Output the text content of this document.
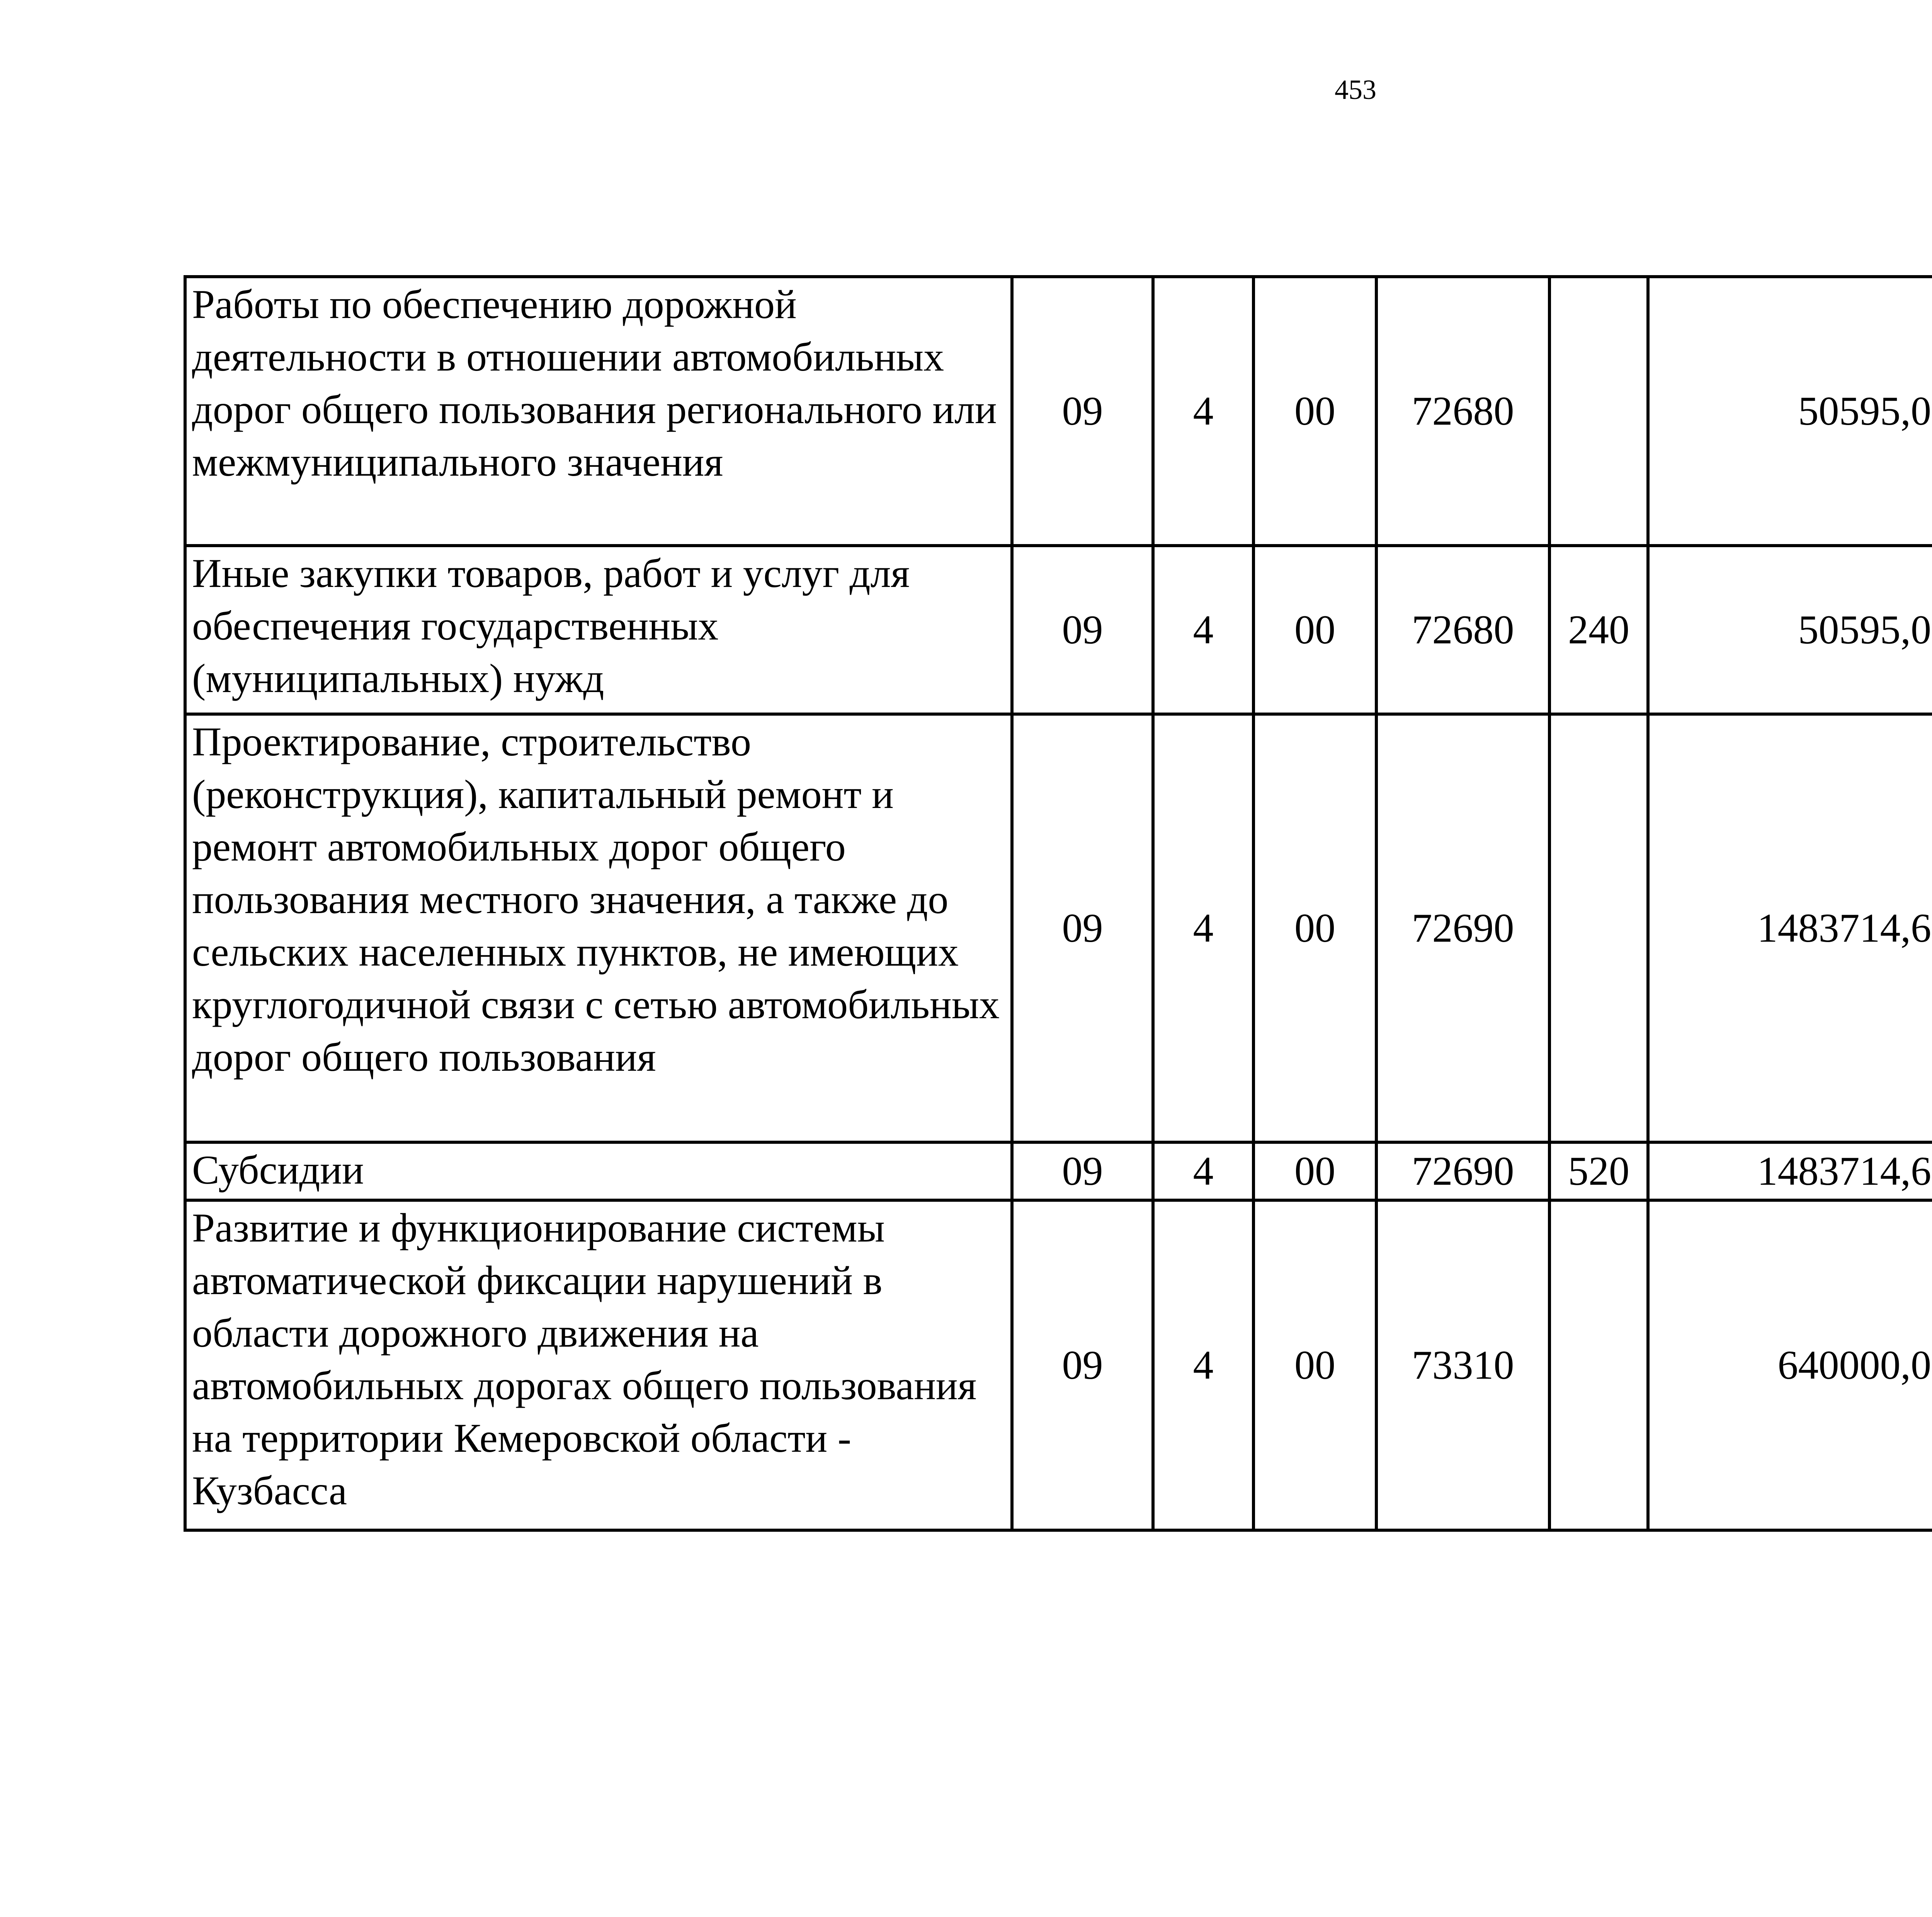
453
Работы по обеспечению дорожной деятельности в отношении автомобильных дорог общего пользования регионального или межмуниципального значения	09	4	00	72680		50595,0		
Иные закупки товаров, работ и услуг для обеспечения государственных (муниципальных) нужд	09	4	00	72680	240	50595,0		
Проектирование, строительство (реконструкция), капитальный ремонт и ремонт автомобильных дорог общего пользования местного значения, а также до сельских населенных пунктов, не имеющих круглогодичной связи с сетью автомобильных дорог общего пользования	09	4	00	72690		1483714,6		
Субсидии	09	4	00	72690	520	1483714,6		
Развитие и функционирование системы автоматической фиксации нарушений в области дорожного движения на автомобильных дорогах общего пользования на территории Кемеровской области - Кузбасса	09	4	00	73310		640000,0		
